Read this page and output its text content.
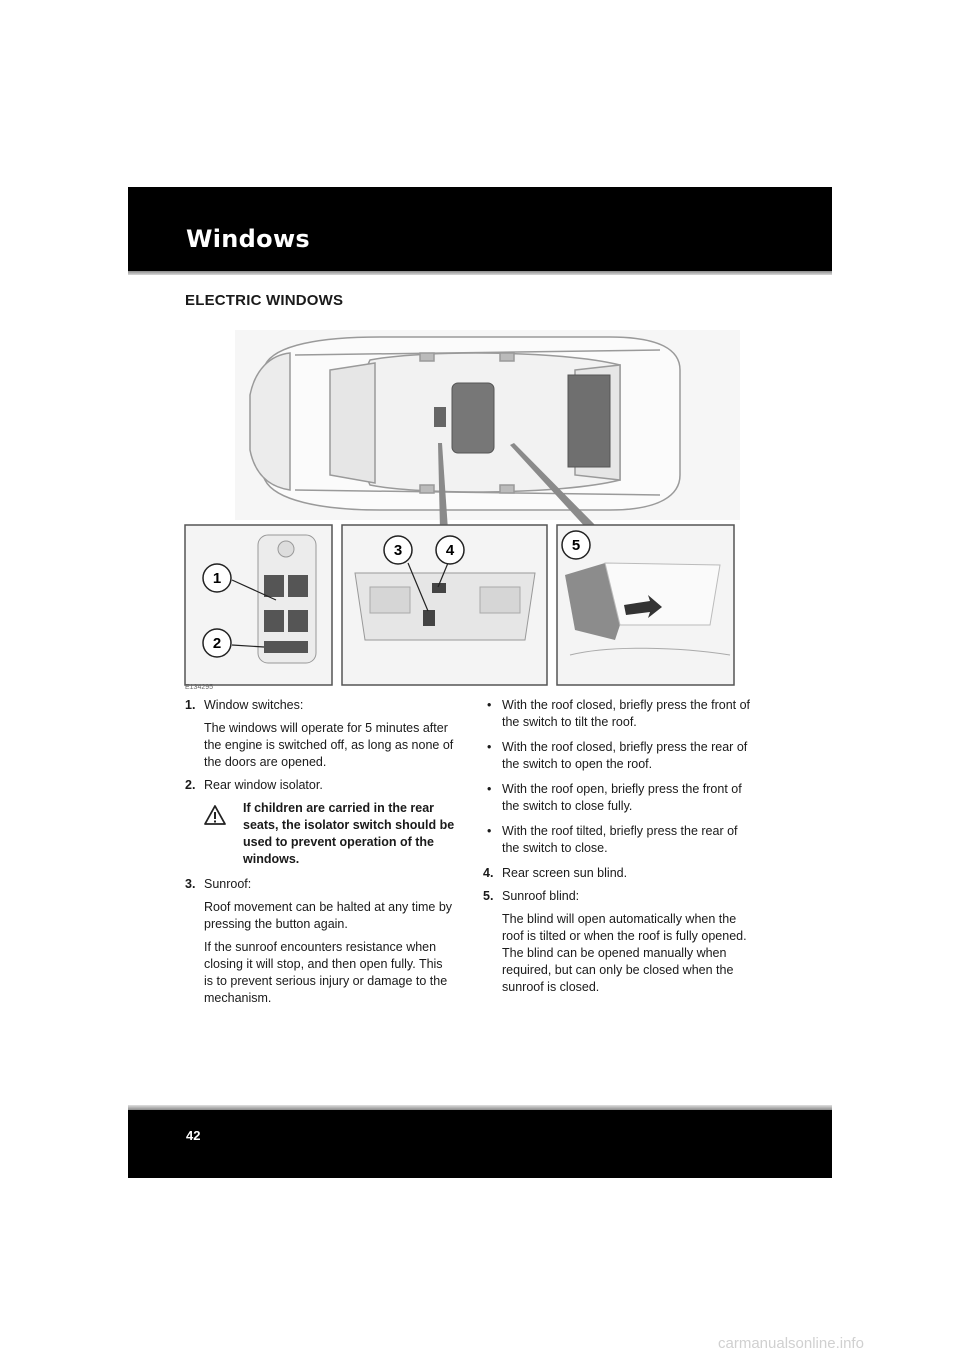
Windows
ELECTRIC WINDOWS
1
2
3	4	5
E134295
1. Window switches:

The windows will operate for 5 minutes after the engine is switched off, as long as none of the doors are opened.

2. Rear window isolator.
If children are carried in the rear seats, the isolator switch should be used to prevent operation of the windows.
3. Sunroof:

Roof movement can be halted at any time by pressing the button again.

If the sunroof encounters resistance when closing it will stop, and then open fully. This is to prevent serious injury or damage to the mechanism.

• With the roof closed, briefly press the front of the switch to tilt the roof.
• With the roof closed, briefly press the rear of the switch to open the roof.
• With the roof open, briefly press the front of the switch to close fully.
• With the roof tilted, briefly press the rear of the switch to close.
4. Rear screen sun blind.
5. Sunroof blind:

The blind will open automatically when the roof is tilted or when the roof is fully opened. The blind can be opened manually when required, but can only be closed when the sunroof is closed.

42
carmanualsonline.info
